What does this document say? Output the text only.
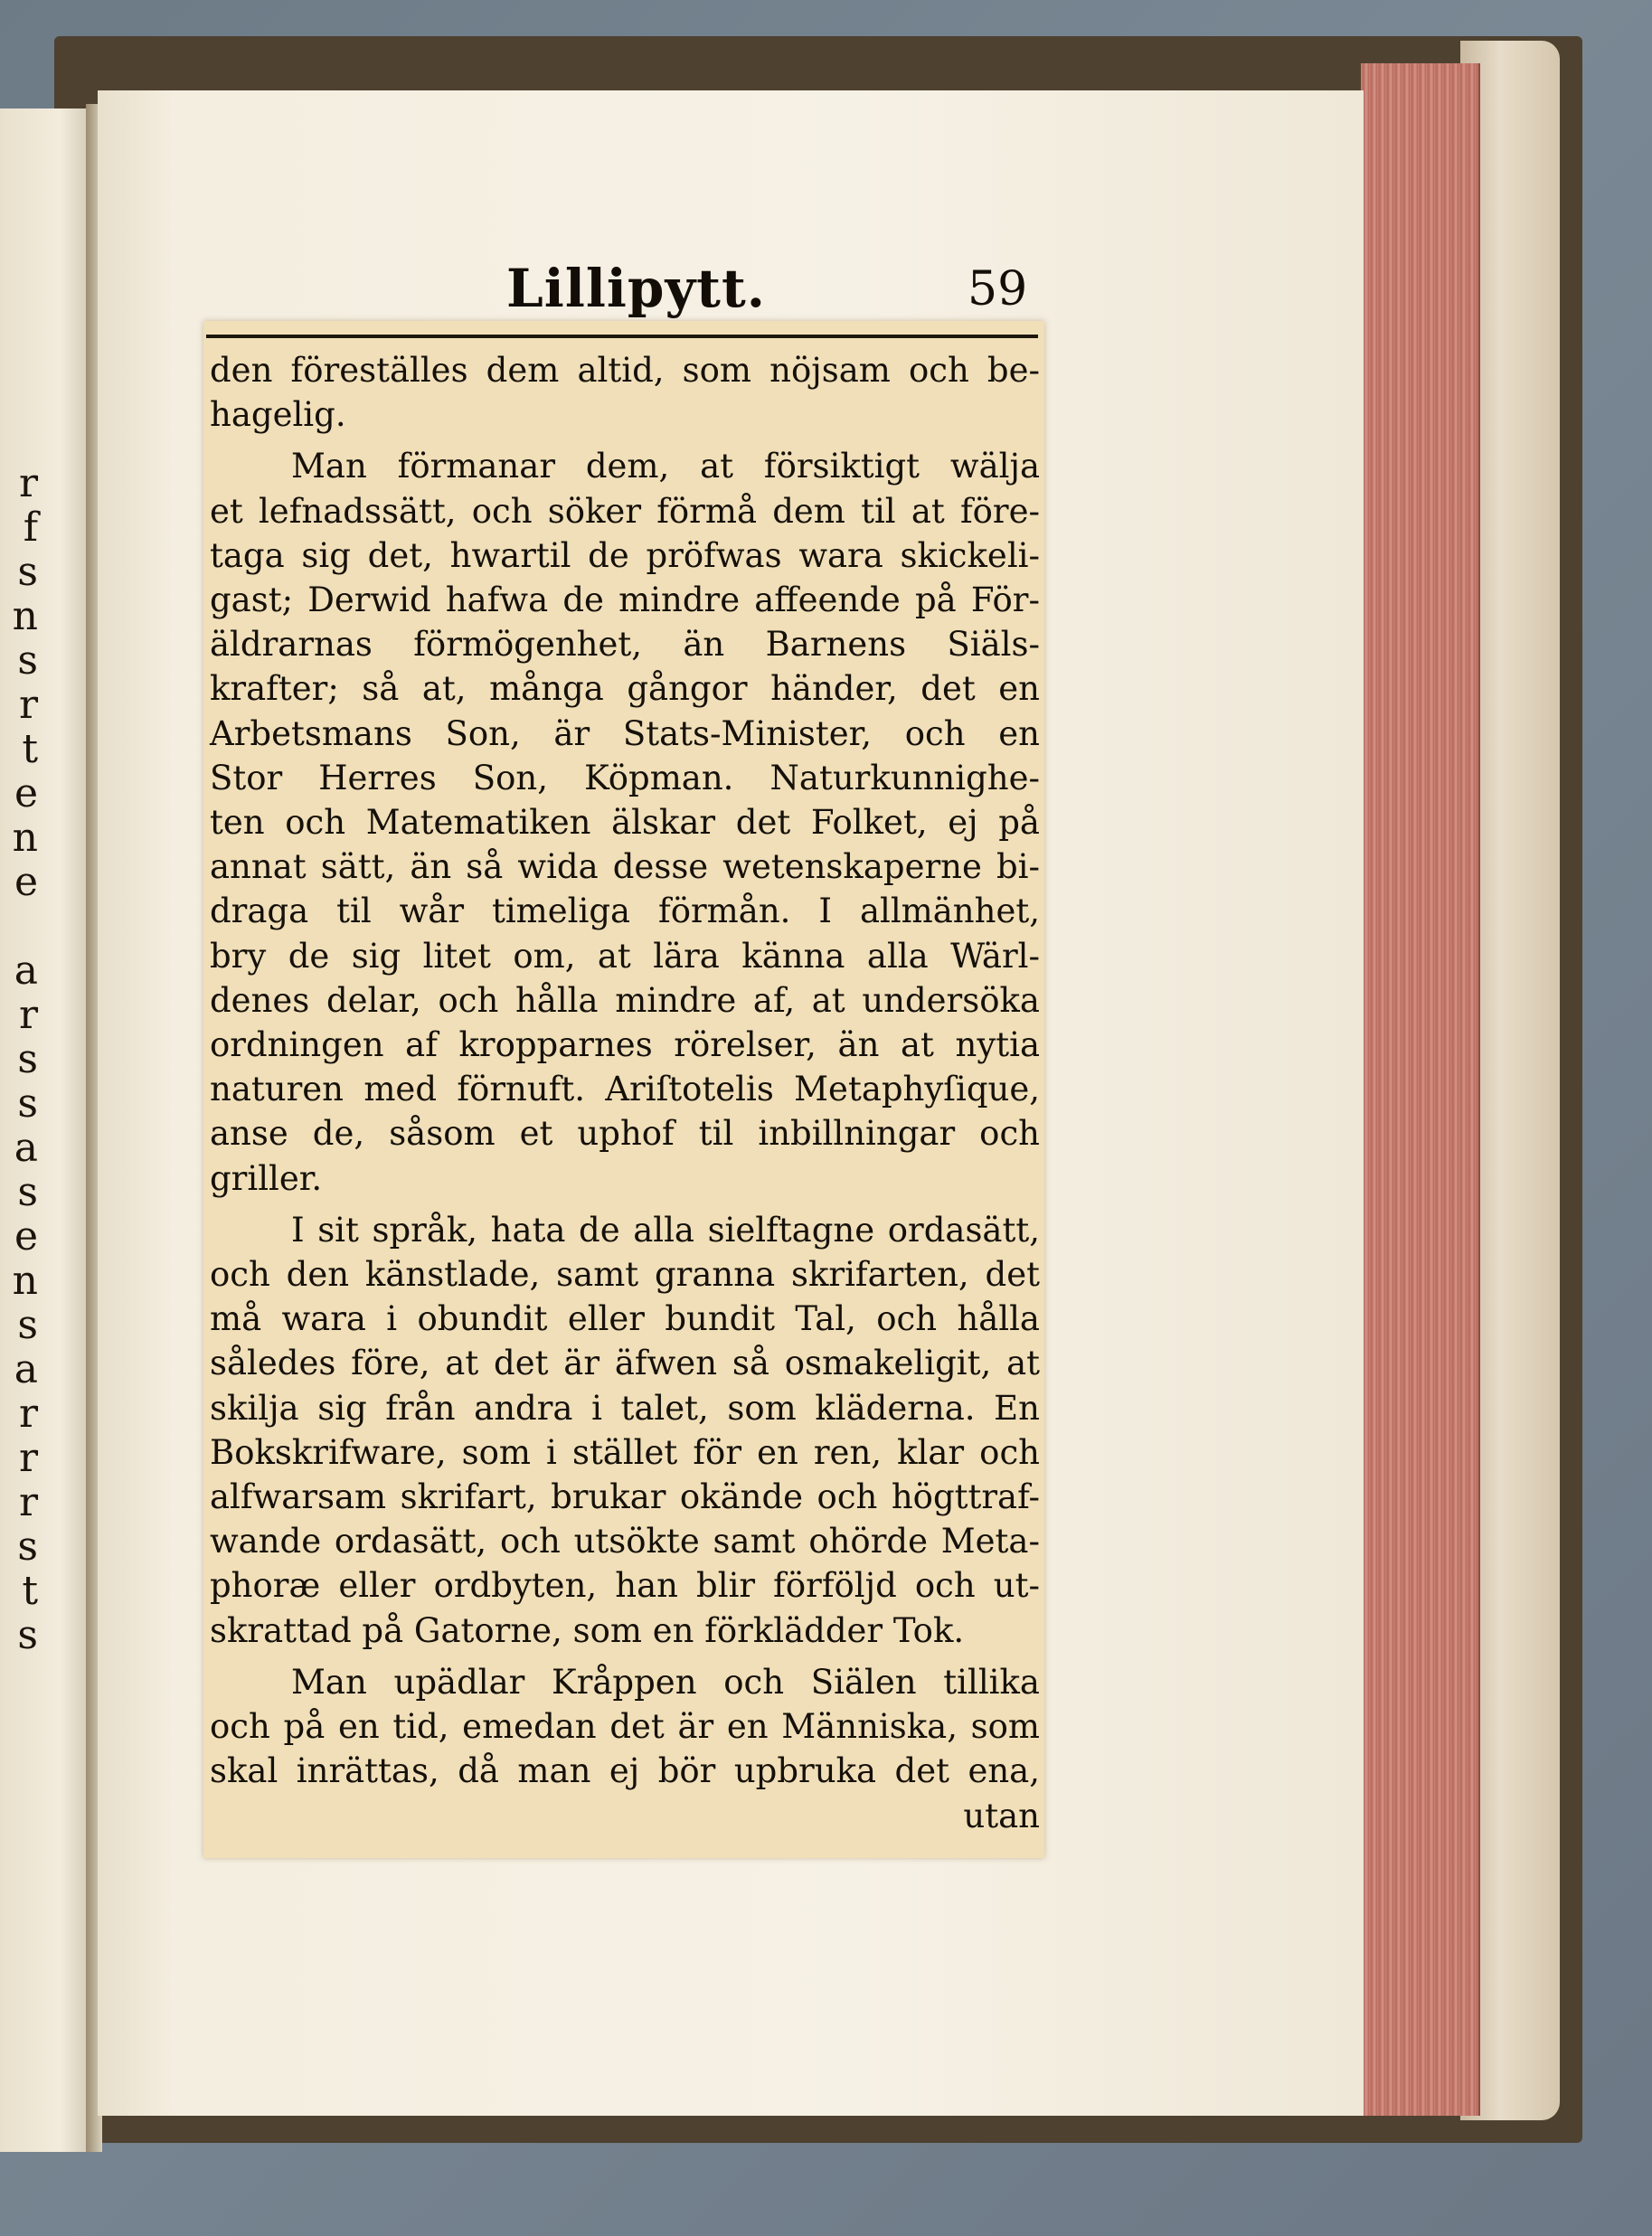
r
f
s
n
s
r
t
e
n
e

a
r
s
s
a
s
e
n
s
a
r
r
r
s
t
s
Lillipytt.	59
den föreställes dem altid, som nöjsam och be-
hagelig.
Man förmanar dem, at försiktigt wälja
et lefnadssätt, och söker förmå dem til at före-
taga sig det, hwartil de pröfwas wara skickeli-
gast; Derwid hafwa de mindre affeende på För-
äldrarnas förmögenhet, än Barnens Siäls-
krafter; så at, många gångor händer, det en
Arbetsmans Son, är Stats-Minister, och en
Stor Herres Son, Köpman. Naturkunnighe-
ten och Matematiken älskar det Folket, ej på
annat sätt, än så wida desse wetenskaperne bi-
draga til wår timeliga förmån. I allmänhet,
bry de sig litet om, at lära känna alla Wärl-
denes delar, och hålla mindre af, at undersöka
ordningen af kropparnes rörelser, än at nytia
naturen med förnuft. Ariſtotelis Metaphyſique,
anse de, såsom et uphof til inbillningar och
griller.
I sit språk, hata de alla sielftagne ordasätt,
och den känstlade, samt granna skrifarten, det
må wara i obundit eller bundit Tal, och hålla
således före, at det är äfwen så osmakeligit, at
skilja sig från andra i talet, som kläderna. En
Bokskrifware, som i stället för en ren, klar och
alfwarsam skrifart, brukar okände och högttraf-
wande ordasätt, och utsökte samt ohörde Meta-
phoræ eller ordbyten, han blir förföljd och ut-
skrattad på Gatorne, som en förklädder Tok.
Man upädlar Kråppen och Siälen tillika
och på en tid, emedan det är en Människa, som
skal inrättas, då man ej bör upbruka det ena,
utan
